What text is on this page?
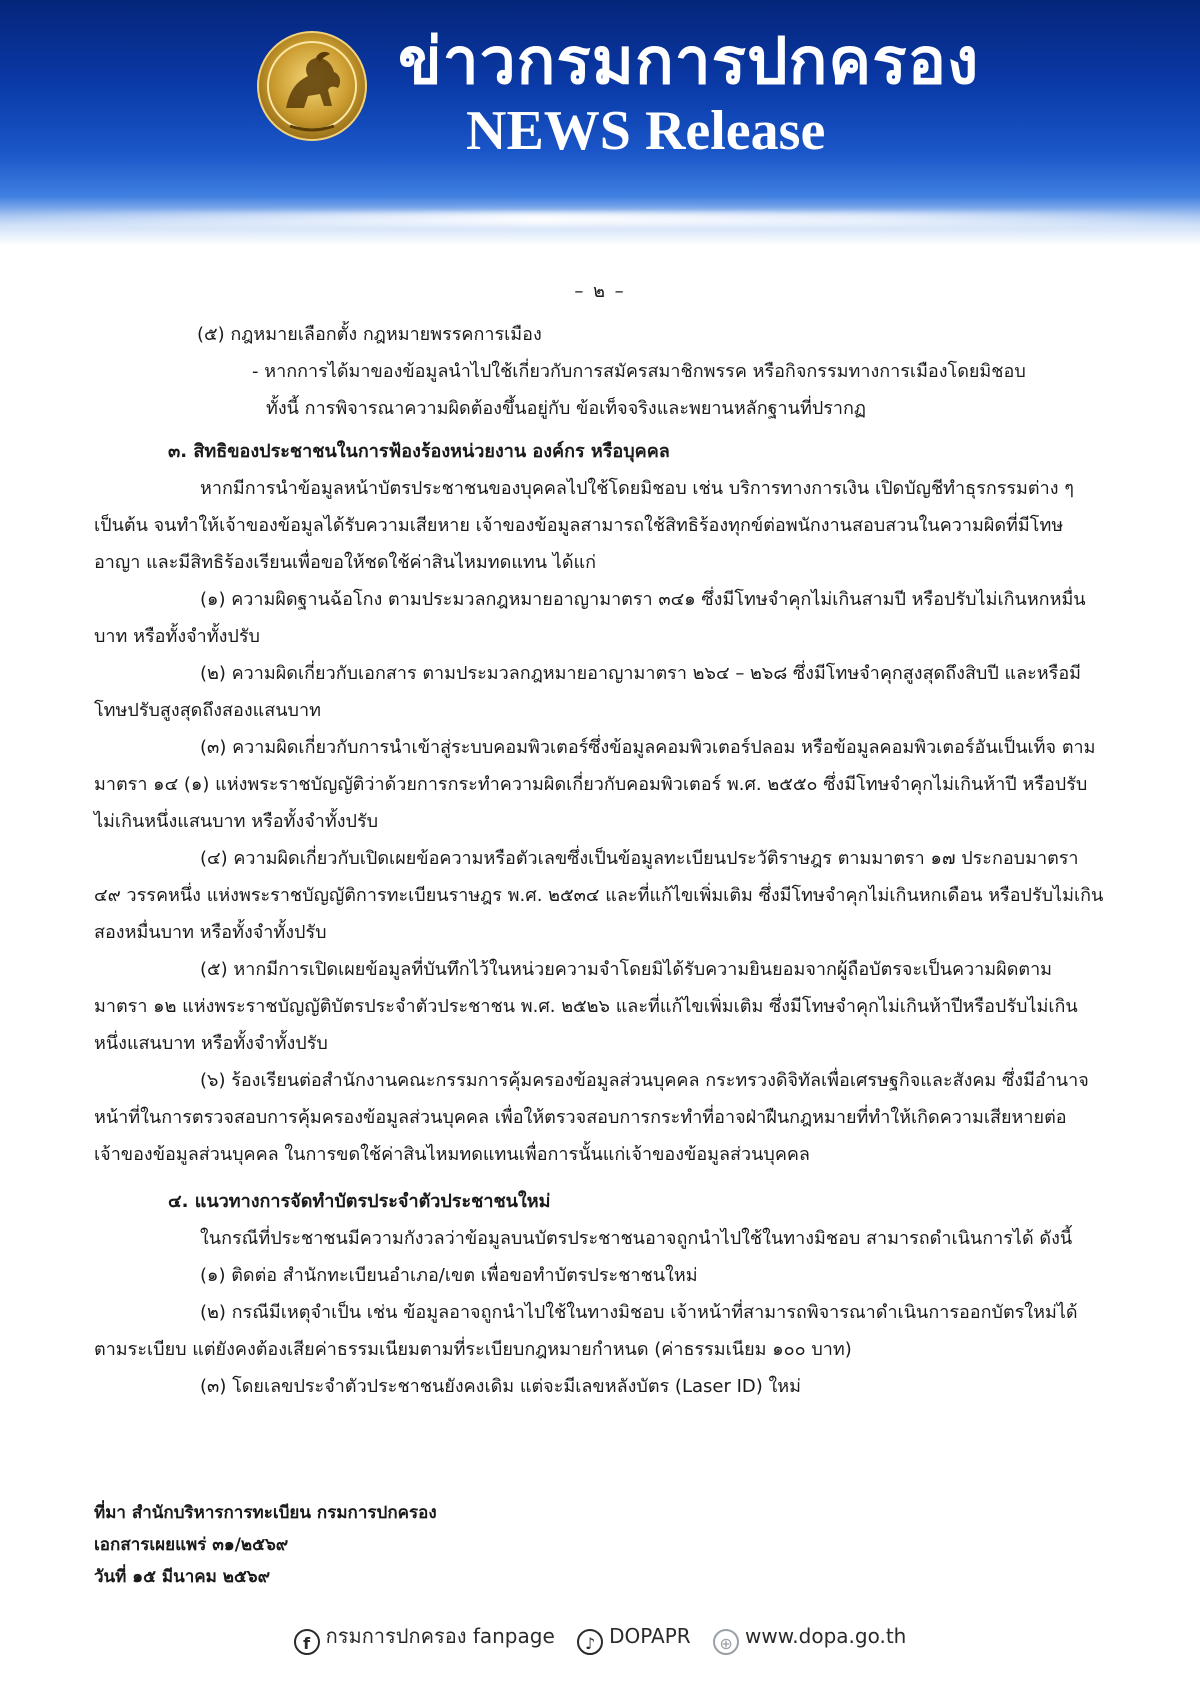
ข่าวกรมการปกครอง
NEWS Release
– ๒ –

(๕) กฎหมายเลือกตั้ง กฎหมายพรรคการเมือง

- หากการได้มาของข้อมูลนำไปใช้เกี่ยวกับการสมัครสมาชิกพรรค หรือกิจกรรมทางการเมืองโดยมิชอบ

ทั้งนี้ การพิจารณาความผิดต้องขึ้นอยู่กับ ข้อเท็จจริงและพยานหลักฐานที่ปรากฏ

๓. สิทธิของประชาชนในการฟ้องร้องหน่วยงาน องค์กร หรือบุคคล

หากมีการนำข้อมูลหน้าบัตรประชาชนของบุคคลไปใช้โดยมิชอบ เช่น บริการทางการเงิน เปิดบัญชีทำธุรกรรมต่าง ๆ เป็นต้น จนทำให้เจ้าของข้อมูลได้รับความเสียหาย เจ้าของข้อมูลสามารถใช้สิทธิร้องทุกข์ต่อพนักงานสอบสวนในความผิดที่มีโทษอาญา และมีสิทธิร้องเรียนเพื่อขอให้ชดใช้ค่าสินไหมทดแทน ได้แก่

(๑) ความผิดฐานฉ้อโกง ตามประมวลกฎหมายอาญามาตรา ๓๔๑ ซึ่งมีโทษจำคุกไม่เกินสามปี หรือปรับไม่เกินหกหมื่นบาท หรือทั้งจำทั้งปรับ

(๒) ความผิดเกี่ยวกับเอกสาร ตามประมวลกฎหมายอาญามาตรา ๒๖๔ – ๒๖๘ ซึ่งมีโทษจำคุกสูงสุดถึงสิบปี และหรือมีโทษปรับสูงสุดถึงสองแสนบาท

(๓) ความผิดเกี่ยวกับการนำเข้าสู่ระบบคอมพิวเตอร์ซึ่งข้อมูลคอมพิวเตอร์ปลอม หรือข้อมูลคอมพิวเตอร์อันเป็นเท็จ ตามมาตรา ๑๔ (๑) แห่งพระราชบัญญัติว่าด้วยการกระทำความผิดเกี่ยวกับคอมพิวเตอร์ พ.ศ. ๒๕๕๐ ซึ่งมีโทษจำคุกไม่เกินห้าปี หรือปรับไม่เกินหนึ่งแสนบาท หรือทั้งจำทั้งปรับ

(๔) ความผิดเกี่ยวกับเปิดเผยข้อความหรือตัวเลขซึ่งเป็นข้อมูลทะเบียนประวัติราษฎร ตามมาตรา ๑๗ ประกอบมาตรา ๔๙ วรรคหนึ่ง แห่งพระราชบัญญัติการทะเบียนราษฎร พ.ศ. ๒๕๓๔ และที่แก้ไขเพิ่มเติม ซึ่งมีโทษจำคุกไม่เกินหกเดือน หรือปรับไม่เกินสองหมื่นบาท หรือทั้งจำทั้งปรับ

(๕) หากมีการเปิดเผยข้อมูลที่บันทึกไว้ในหน่วยความจำโดยมิได้รับความยินยอมจากผู้ถือบัตรจะเป็นความผิดตามมาตรา ๑๒ แห่งพระราชบัญญัติบัตรประจำตัวประชาชน พ.ศ. ๒๕๒๖ และที่แก้ไขเพิ่มเติม ซึ่งมีโทษจำคุกไม่เกินห้าปีหรือปรับไม่เกินหนึ่งแสนบาท หรือทั้งจำทั้งปรับ

(๖) ร้องเรียนต่อสำนักงานคณะกรรมการคุ้มครองข้อมูลส่วนบุคคล กระทรวงดิจิทัลเพื่อเศรษฐกิจและสังคม ซึ่งมีอำนาจหน้าที่ในการตรวจสอบการคุ้มครองข้อมูลส่วนบุคคล เพื่อให้ตรวจสอบการกระทำที่อาจฝ่าฝืนกฎหมายที่ทำให้เกิดความเสียหายต่อเจ้าของข้อมูลส่วนบุคคล ในการขดใช้ค่าสินไหมทดแทนเพื่อการนั้นแก่เจ้าของข้อมูลส่วนบุคคล

๔. แนวทางการจัดทำบัตรประจำตัวประชาชนใหม่

ในกรณีที่ประชาชนมีความกังวลว่าข้อมูลบนบัตรประชาชนอาจถูกนำไปใช้ในทางมิชอบ สามารถดำเนินการได้ ดังนี้

(๑) ติดต่อ สำนักทะเบียนอำเภอ/เขต เพื่อขอทำบัตรประชาชนใหม่

(๒) กรณีมีเหตุจำเป็น เช่น ข้อมูลอาจถูกนำไปใช้ในทางมิชอบ เจ้าหน้าที่สามารถพิจารณาดำเนินการออกบัตรใหม่ได้ตามระเบียบ แต่ยังคงต้องเสียค่าธรรมเนียมตามที่ระเบียบกฎหมายกำหนด (ค่าธรรมเนียม ๑๐๐ บาท)

(๓) โดยเลขประจำตัวประชาชนยังคงเดิม แต่จะมีเลขหลังบัตร (Laser ID) ใหม่

ที่มา สำนักบริหารการทะเบียน กรมการปกครอง

เอกสารเผยแพร่ ๓๑/๒๕๖๙

วันที่ ๑๕ มีนาคม ๒๕๖๙

f กรมการปกครอง fanpage ♪ DOPAPR ⊕ www.dopa.go.th
